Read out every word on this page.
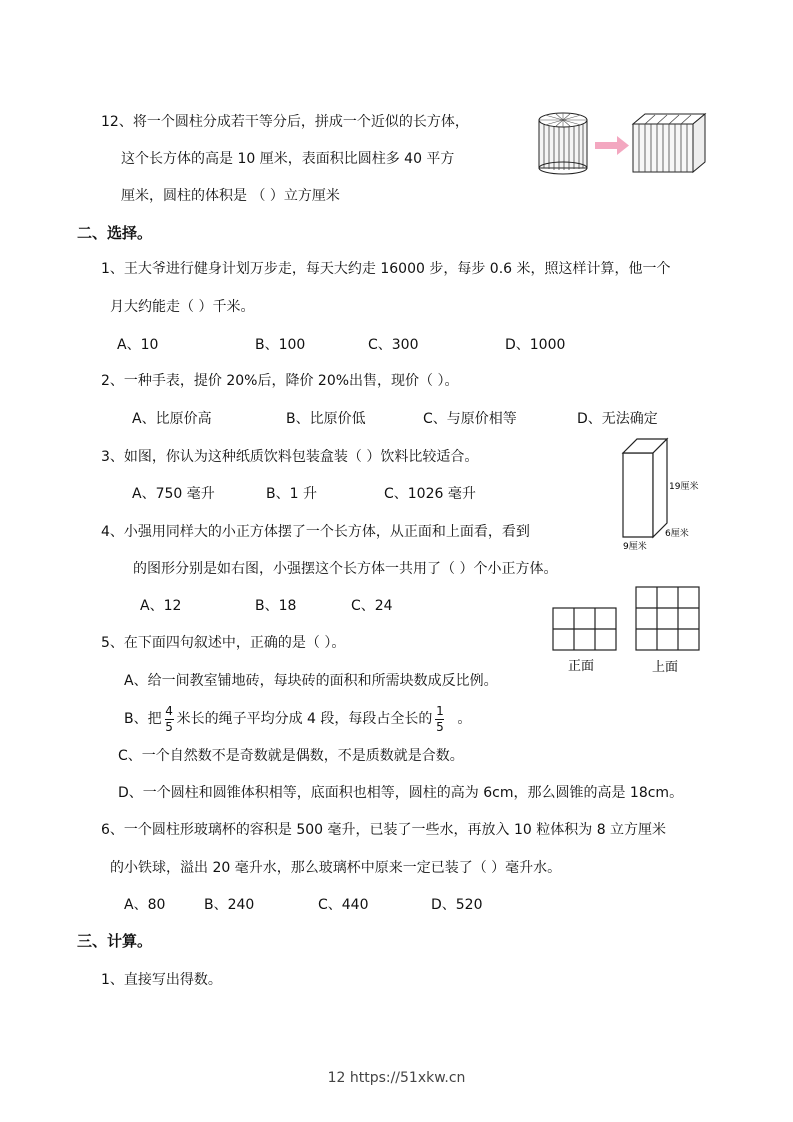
12、将一个圆柱分成若干等分后，拼成一个近似的长方体，
这个长方体的高是 10 厘米，表面积比圆柱多 40 平方
厘米，圆柱的体积是 （ ）立方厘米
二、选择。
1、王大爷进行健身计划万步走，每天大约走 16000 步，每步 0.6 米，照这样计算，他一个
月大约能走（ ）千米。
A、10	B、100	C、300	D、1000
2、一种手表，提价 20%后，降价 20%出售，现价（ ）。
A、比原价高	B、比原价低	C、与原价相等	D、无法确定
3、如图，你认为这种纸质饮料包装盒装（ ）饮料比较适合。
A、750 毫升	B、1 升	C、1026 毫升	19厘米
6厘米
9厘米
4、小强用同样大的小正方体摆了一个长方体，从正面和上面看，看到
的图形分别是如右图，小强摆这个长方体一共用了（ ）个小正方体。
A、12	B、18	C、24
正面	上面
5、在下面四句叙述中，正确的是（ ）。
A、给一间教室铺地砖，每块砖的面积和所需块数成反比例。
B、把 $\frac{4}{5}$ 米长的绳子平均分成 4 段，每段占全长的 $\frac{1}{5}$ 。
C、一个自然数不是奇数就是偶数，不是质数就是合数。
D、一个圆柱和圆锥体积相等，底面积也相等，圆柱的高为 6cm，那么圆锥的高是 18cm。
6、一个圆柱形玻璃杯的容积是 500 毫升，已装了一些水，再放入 10 粒体积为 8 立方厘米
的小铁球，溢出 20 毫升水，那么玻璃杯中原来一定已装了（ ）毫升水。
A、80	B、240	C、440	D、520
三、计算。
1、直接写出得数。
12 https://51xkw.cn
